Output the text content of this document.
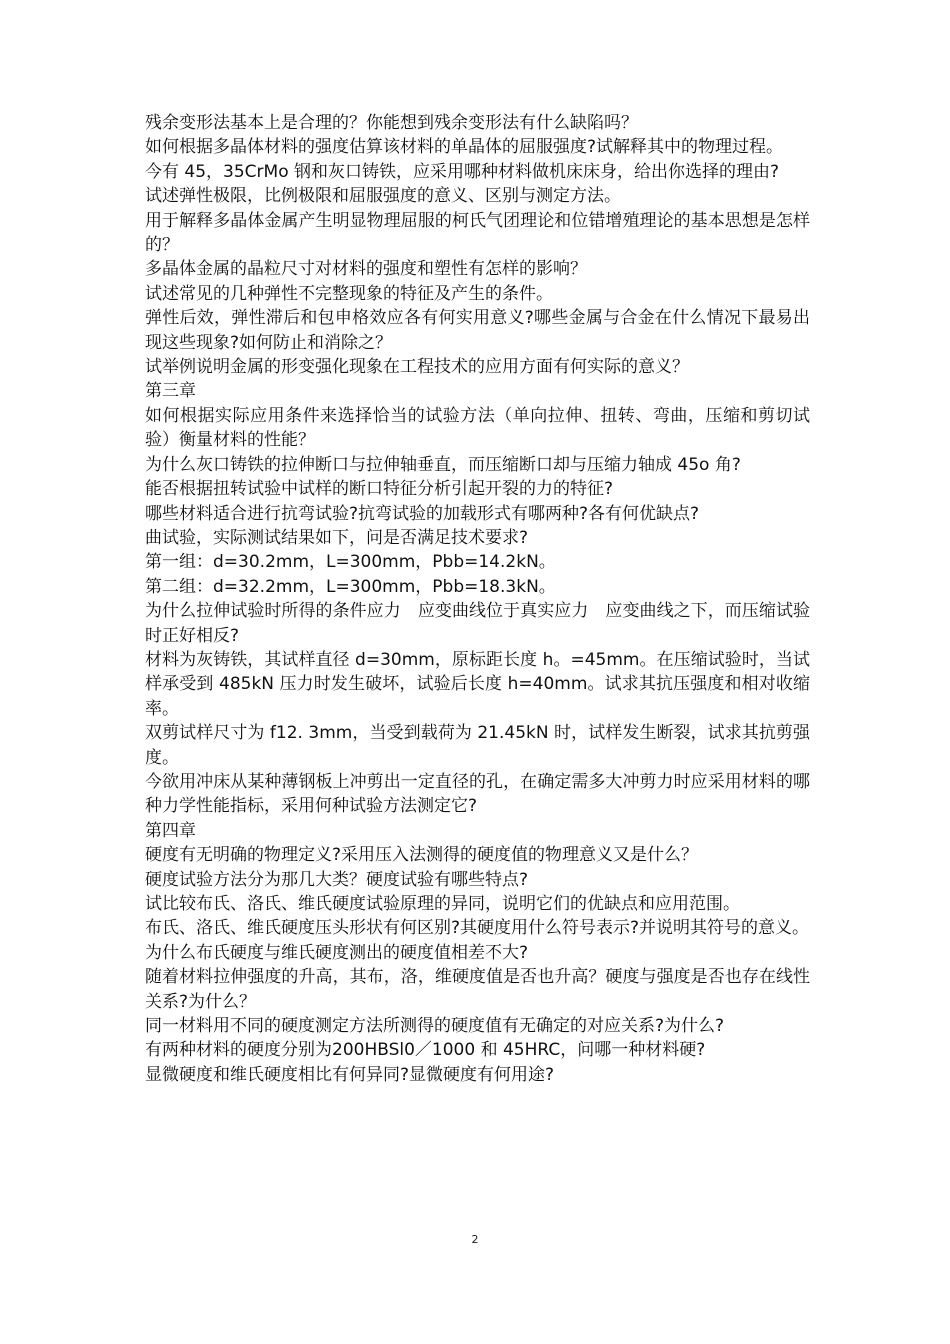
残余变形法基本上是合理的？你能想到残余变形法有什么缺陷吗？

如何根据多晶体材料的强度估算该材料的单晶体的屈服强度?试解释其中的物理过程。

今有 45，35CrMo 钢和灰口铸铁，应采用哪种材料做机床床身，给出你选择的理由?

试述弹性极限，比例极限和屈服强度的意义、区别与测定方法。

用于解释多晶体金属产生明显物理屈服的柯氏气团理论和位错增殖理论的基本思想是怎样的？

多晶体金属的晶粒尺寸对材料的强度和塑性有怎样的影响？

试述常见的几种弹性不完整现象的特征及产生的条件。

弹性后效，弹性滞后和包申格效应各有何实用意义?哪些金属与合金在什么情况下最易出现这些现象?如何防止和消除之？

试举例说明金属的形变强化现象在工程技术的应用方面有何实际的意义？

第三章

如何根据实际应用条件来选择恰当的试验方法（单向拉伸、扭转、弯曲，压缩和剪切试验）衡量材料的性能？

为什么灰口铸铁的拉伸断口与拉伸轴垂直，而压缩断口却与压缩力轴成 45o 角?

能否根据扭转试验中试样的断口特征分析引起开裂的力的特征?

哪些材料适合进行抗弯试验?抗弯试验的加载形式有哪两种?各有何优缺点?

曲试验，实际测试结果如下，问是否满足技术要求?

第一组：d=30.2mm，L=300mm，Pbb=14.2kN。

第二组：d=32.2mm，L=300mm，Pbb=18.3kN。

为什么拉伸试验时所得的条件应力　应变曲线位于真实应力　应变曲线之下，而压缩试验时正好相反?

材料为灰铸铁，其试样直径 d=30mm，原标距长度 h。=45mm。在压缩试验时，当试样承受到 485kN 压力时发生破坏，试验后长度 h=40mm。试求其抗压强度和相对收缩率。

双剪试样尺寸为 f12. 3mm，当受到载荷为 21.45kN 时，试样发生断裂，试求其抗剪强度。

今欲用冲床从某种薄钢板上冲剪出一定直径的孔，在确定需多大冲剪力时应采用材料的哪种力学性能指标，采用何种试验方法测定它?

第四章

硬度有无明确的物理定义?采用压入法测得的硬度值的物理意义又是什么？

硬度试验方法分为那几大类？硬度试验有哪些特点?

试比较布氏、洛氏、维氏硬度试验原理的异同，说明它们的优缺点和应用范围。

布氏、洛氏、维氏硬度压头形状有何区别?其硬度用什么符号表示?并说明其符号的意义。

为什么布氏硬度与维氏硬度测出的硬度值相差不大?

随着材料拉伸强度的升高，其布，洛，维硬度值是否也升高？硬度与强度是否也存在线性关系?为什么？

同一材料用不同的硬度测定方法所测得的硬度值有无确定的对应关系?为什么?

有两种材料的硬度分别为200HBSl0／1000 和 45HRC，问哪一种材料硬?

显微硬度和维氏硬度相比有何异同?显微硬度有何用途?

2
